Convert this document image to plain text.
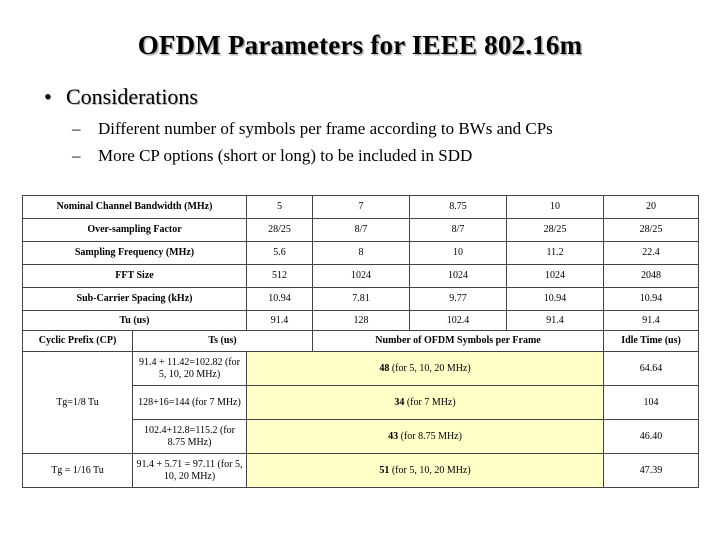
OFDM Parameters for IEEE 802.16m
• Considerations
– Different number of symbols per frame according to BWs and CPs
– More CP options (short or long) to be included in SDD
Nominal Channel Bandwidth (MHz)		5	7	8.75	10	20
Over-sampling Factor		28/25	8/7	8/7	28/25	28/25
Sampling Frequency (MHz)		5.6	8	10	11.2	22.4
FFT Size		512	1024	1024	1024	2048
Sub-Carrier Spacing (kHz)		10.94	7.81	9.77	10.94	10.94
Tu (us)		91.4	128	102.4	91.4	91.4
Cyclic Prefix (CP)	Ts (us)		Number of OFDM Symbols per Frame			Idle Time (us)
Tg=1/8 Tu	91.4 + 11.42=102.82 (for 5, 10, 20 MHz)	48 (for 5, 10, 20 MHz)				64.64
	128+16=144 (for 7 MHz)	34 (for 7 MHz)				104
	102.4+12.8=115.2 (for 8.75 MHz)	43 (for 8.75 MHz)				46.40
Tg = 1/16 Tu	91.4 + 5.71 = 97.11 (for 5, 10, 20 MHz)	51 (for 5, 10, 20 MHz)				47.39
